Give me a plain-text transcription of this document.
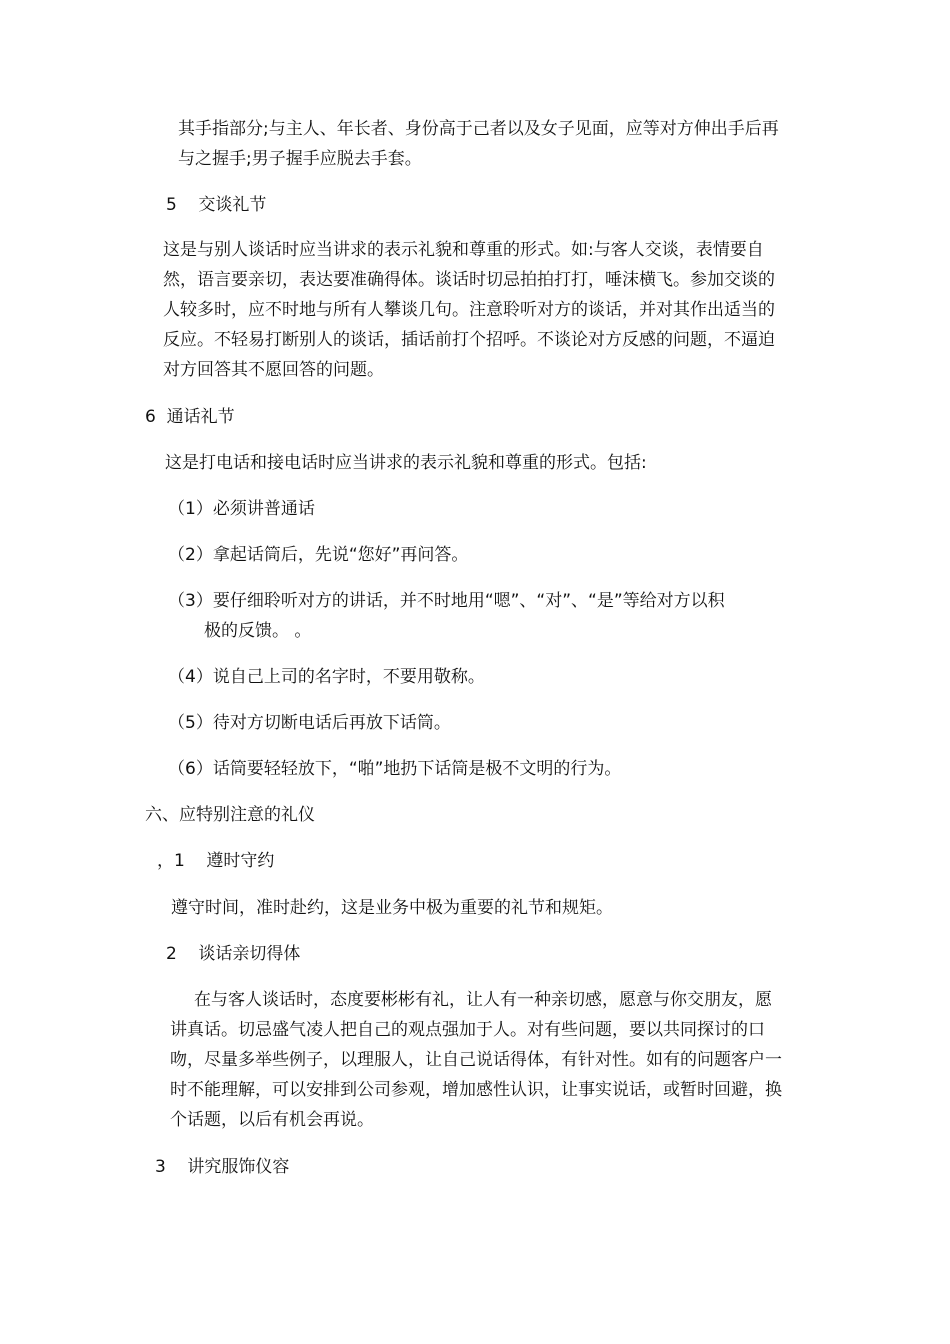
其手指部分;与主人、年长者、身份高于己者以及女子见面，应等对方伸出手后再
与之握手;男子握手应脱去手套。

5    交谈礼节

这是与别人谈话时应当讲求的表示礼貌和尊重的形式。如:与客人交谈，表情要自
然，语言要亲切，表达要准确得体。谈话时切忌拍拍打打，唾沫横飞。参加交谈的
人较多时，应不时地与所有人攀谈几句。注意聆听对方的谈话，并对其作出适当的
反应。不轻易打断别人的谈话，插话前打个招呼。不谈论对方反感的问题，不逼迫
对方回答其不愿回答的问题。

6  通话礼节

这是打电话和接电话时应当讲求的表示礼貌和尊重的形式。包括:

（1）必须讲普通话

（2）拿起话筒后，先说“您好”再问答。

（3）要仔细聆听对方的讲话，并不时地用“嗯”、“对”、“是”等给对方以积

极的反馈。 。

（4）说自己上司的名字时，不要用敬称。

（5）待对方切断电话后再放下话筒。

（6）话筒要轻轻放下，“啪”地扔下话筒是极不文明的行为。

六、应特别注意的礼仪

，1    遵时守约

遵守时间，准时赴约，这是业务中极为重要的礼节和规矩。

2    谈话亲切得体

在与客人谈话时，态度要彬彬有礼，让人有一种亲切感，愿意与你交朋友，愿
讲真话。切忌盛气凌人把自己的观点强加于人。对有些问题，要以共同探讨的口
吻，尽量多举些例子，以理服人，让自己说话得体，有针对性。如有的问题客户一
时不能理解，可以安排到公司参观，增加感性认识，让事实说话，或暂时回避，换
个话题，以后有机会再说。

3    讲究服饰仪容
